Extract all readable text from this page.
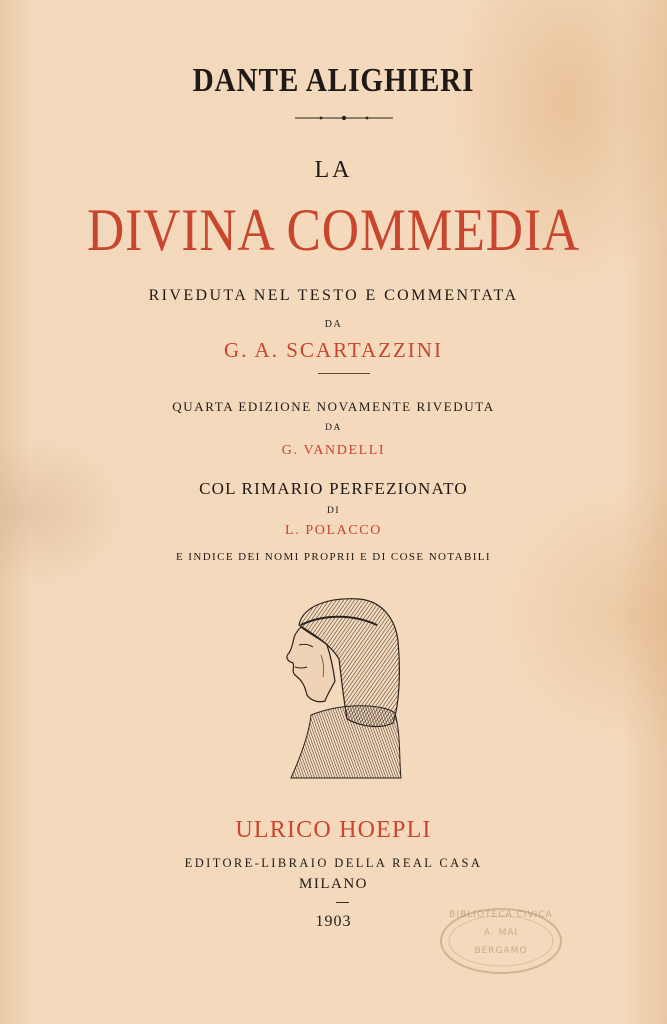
DANTE ALIGHIERI
LA
DIVINA COMMEDIA
RIVEDUTA NEL TESTO E COMMENTATA
DA
G. A. SCARTAZZINI
QUARTA EDIZIONE NOVAMENTE RIVEDUTA
DA
G. VANDELLI
COL RIMARIO PERFEZIONATO
DI
L. POLACCO
E INDICE DEI NOMI PROPRII E DI COSE NOTABILI
ULRICO HOEPLI
EDITORE-LIBRAIO DELLA REAL CASA
MILANO
1903	BIBLIOTECA CIVICA
A. MAI
BERGAMO
